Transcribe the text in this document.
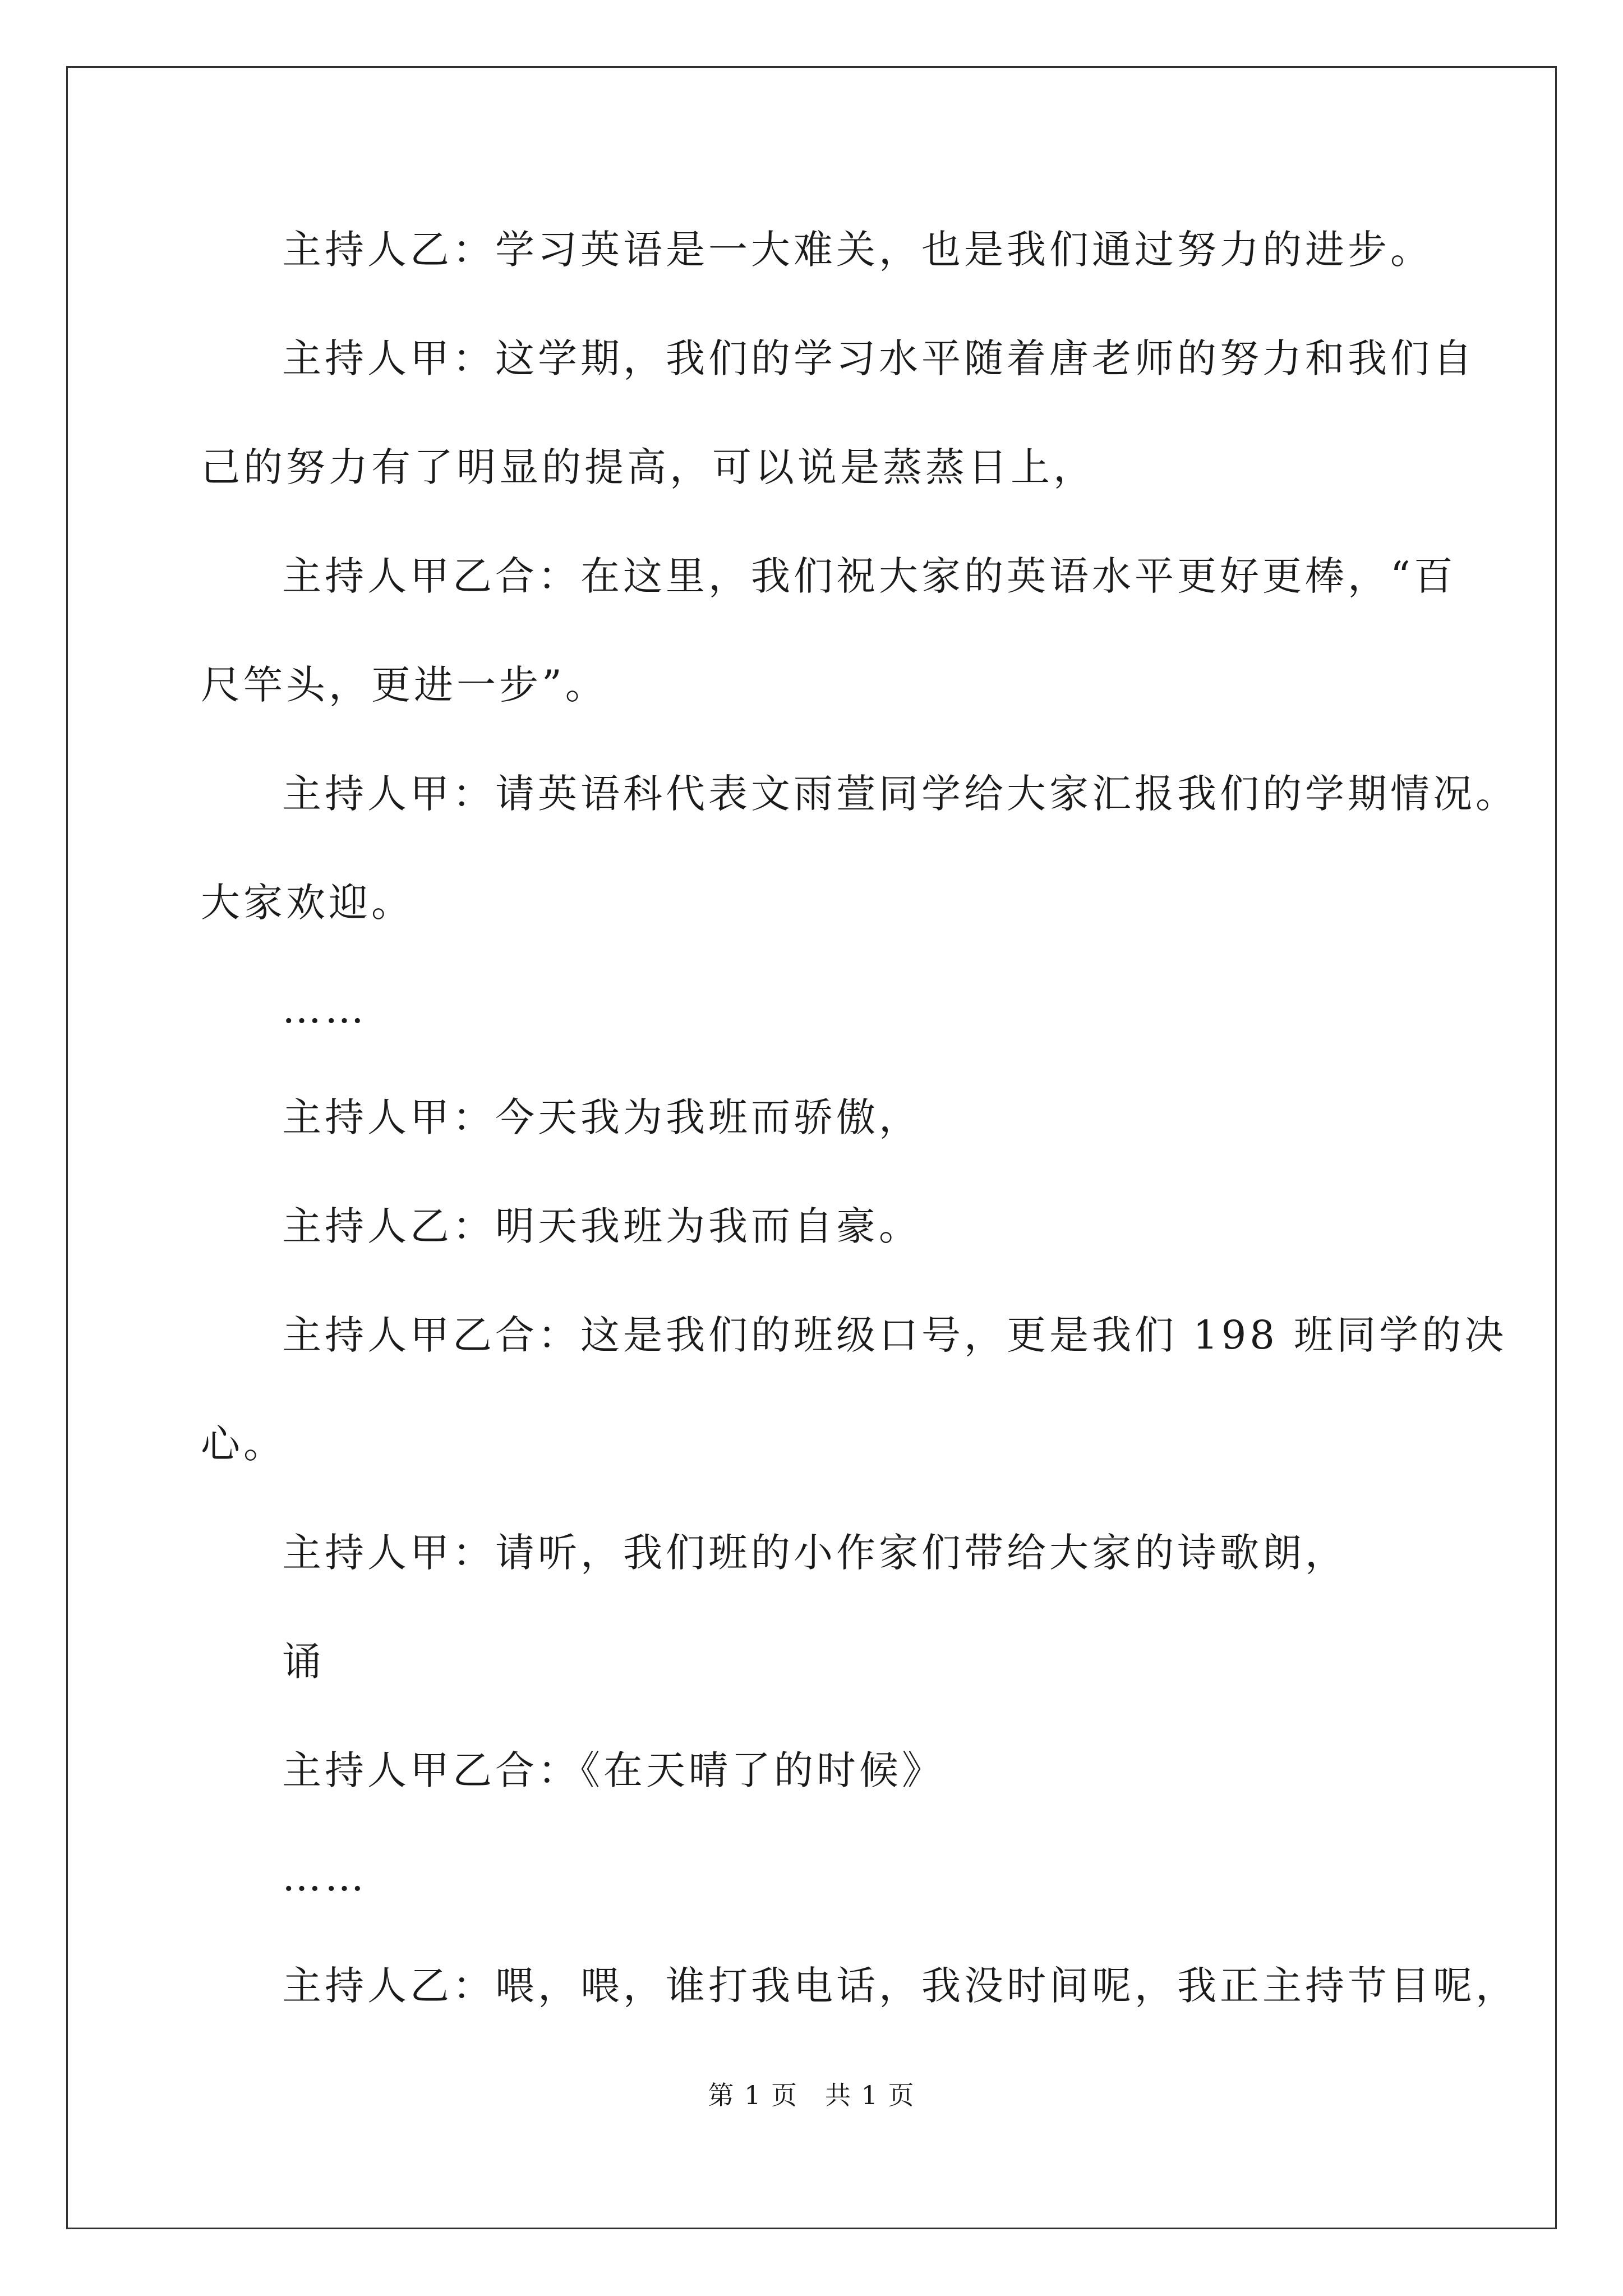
主持人乙：学习英语是一大难关，也是我们通过努力的进步。
主持人甲：这学期，我们的学习水平随着唐老师的努力和我们自
己的努力有了明显的提高，可以说是蒸蒸日上，
主持人甲乙合：在这里，我们祝大家的英语水平更好更棒，“百
尺竿头，更进一步”。
主持人甲：请英语科代表文雨萱同学给大家汇报我们的学期情况。
大家欢迎。
……
主持人甲：今天我为我班而骄傲，
主持人乙：明天我班为我而自豪。
主持人甲乙合：这是我们的班级口号，更是我们 198 班同学的决
心。
主持人甲：请听，我们班的小作家们带给大家的诗歌朗，
诵
主持人甲乙合：《在天晴了的时候》
……
主持人乙：喂，喂，谁打我电话，我没时间呢，我正主持节目呢，
第 1 页　共 1 页
